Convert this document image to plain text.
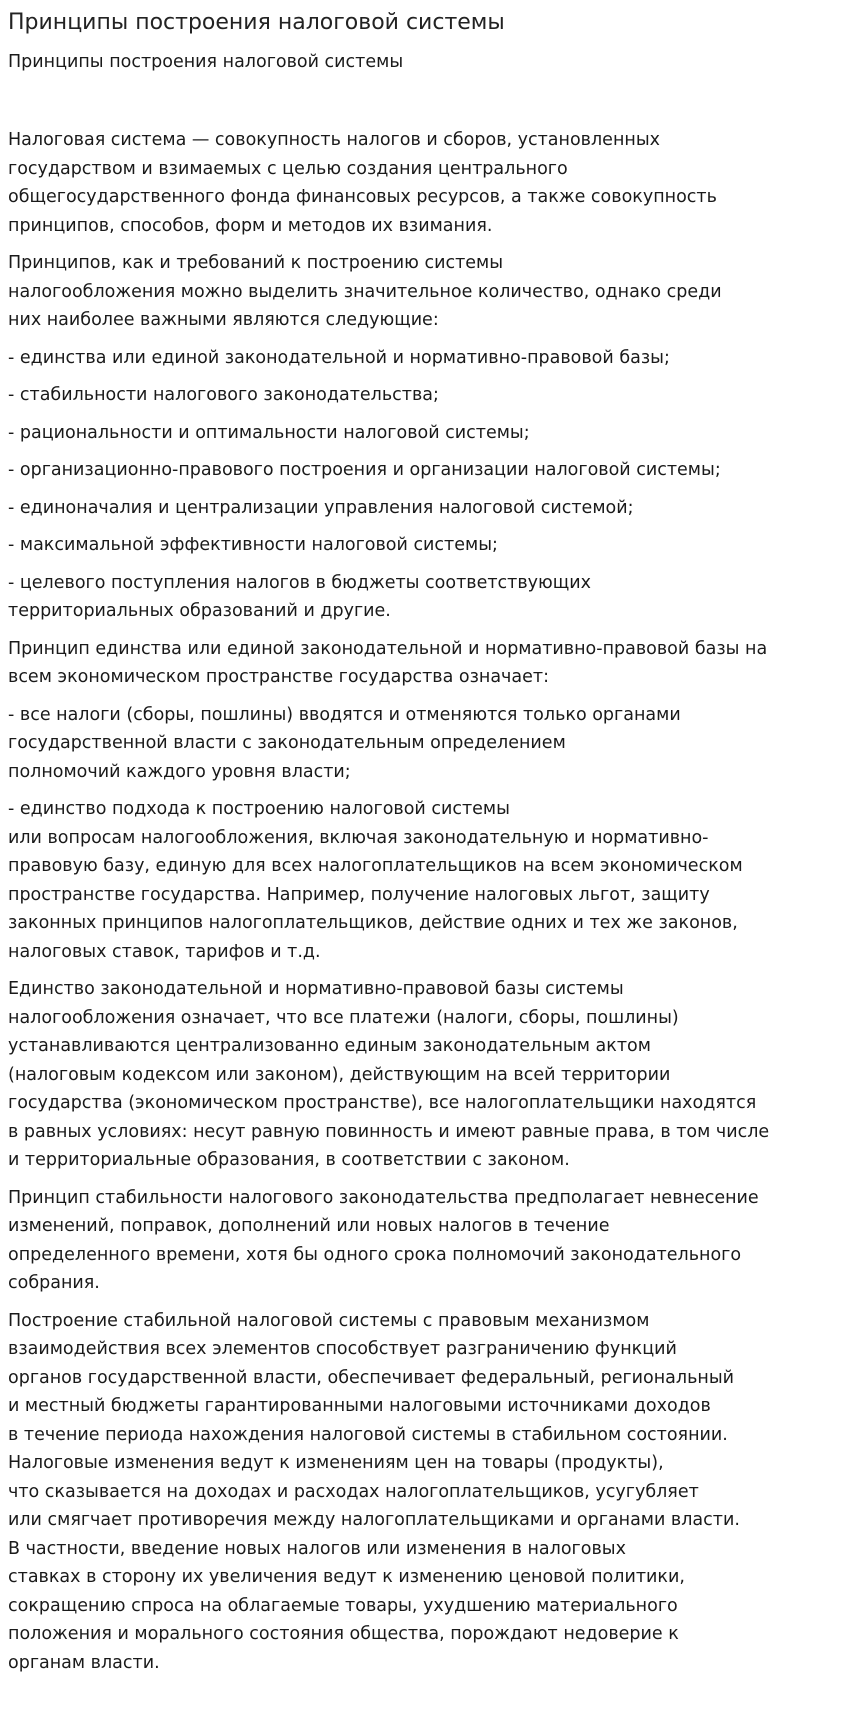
Принципы построения налоговой системы
Принципы построения налоговой системы

Налоговая система — совокупность налогов и сборов, установленных
государством и взимаемых с целью создания центрального
общегосударственного фонда финансовых ресурсов, а также совокупность
принципов, способов, форм и методов их взимания.

Принципов, как и требований к построению системы
налогообложения можно выделить значительное количество, однако среди
них наиболее важными являются следующие:

- единства или единой законодательной и нормативно-правовой базы;

- стабильности налогового законодательства;

- рациональности и оптимальности налоговой системы;

- организационно-правового построения и организации налоговой системы;

- единоначалия и централизации управления налоговой системой;

- максимальной эффективности налоговой системы;

- целевого поступления налогов в бюджеты соответствующих
территориальных образований и другие.

Принцип единства или единой законодательной и нормативно-правовой базы на
всем экономическом пространстве государства означает:

- все налоги (сборы, пошлины) вводятся и отменяются только органами
государственной власти с законодательным определением
полномочий каждого уровня власти;

- единство подхода к построению налоговой системы
или вопросам налогообложения, включая законодательную и нормативно-
правовую базу, единую для всех налогоплательщиков на всем экономическом
пространстве государства. Например, получение налоговых льгот, защиту
законных принципов налогоплательщиков, действие одних и тех же законов,
налоговых ставок, тарифов и т.д.

Единство законодательной и нормативно-правовой базы системы
налогообложения означает, что все платежи (налоги, сборы, пошлины)
устанавливаются централизованно единым законодательным актом
(налоговым кодексом или законом), действующим на всей территории
государства (экономическом пространстве), все налогоплательщики находятся
в равных условиях: несут равную повинность и имеют равные права, в том числе
и территориальные образования, в соответствии с законом.

Принцип стабильности налогового законодательства предполагает невнесение
изменений, поправок, дополнений или новых налогов в течение
определенного времени, хотя бы одного срока полномочий законодательного
собрания.

Построение стабильной налоговой системы с правовым механизмом
взаимодействия всех элементов способствует разграничению функций
органов государственной власти, обеспечивает федеральный, региональный
и местный бюджеты гарантированными налоговыми источниками доходов
в течение периода нахождения налоговой системы в стабильном состоянии.
Налоговые изменения ведут к изменениям цен на товары (продукты),
что сказывается на доходах и расходах налогоплательщиков, усугубляет
или смягчает противоречия между налогоплательщиками и органами власти.
В частности, введение новых налогов или изменения в налоговых
ставках в сторону их увеличения ведут к изменению ценовой политики,
сокращению спроса на облагаемые товары, ухудшению материального
положения и морального состояния общества, порождают недоверие к
органам власти.
